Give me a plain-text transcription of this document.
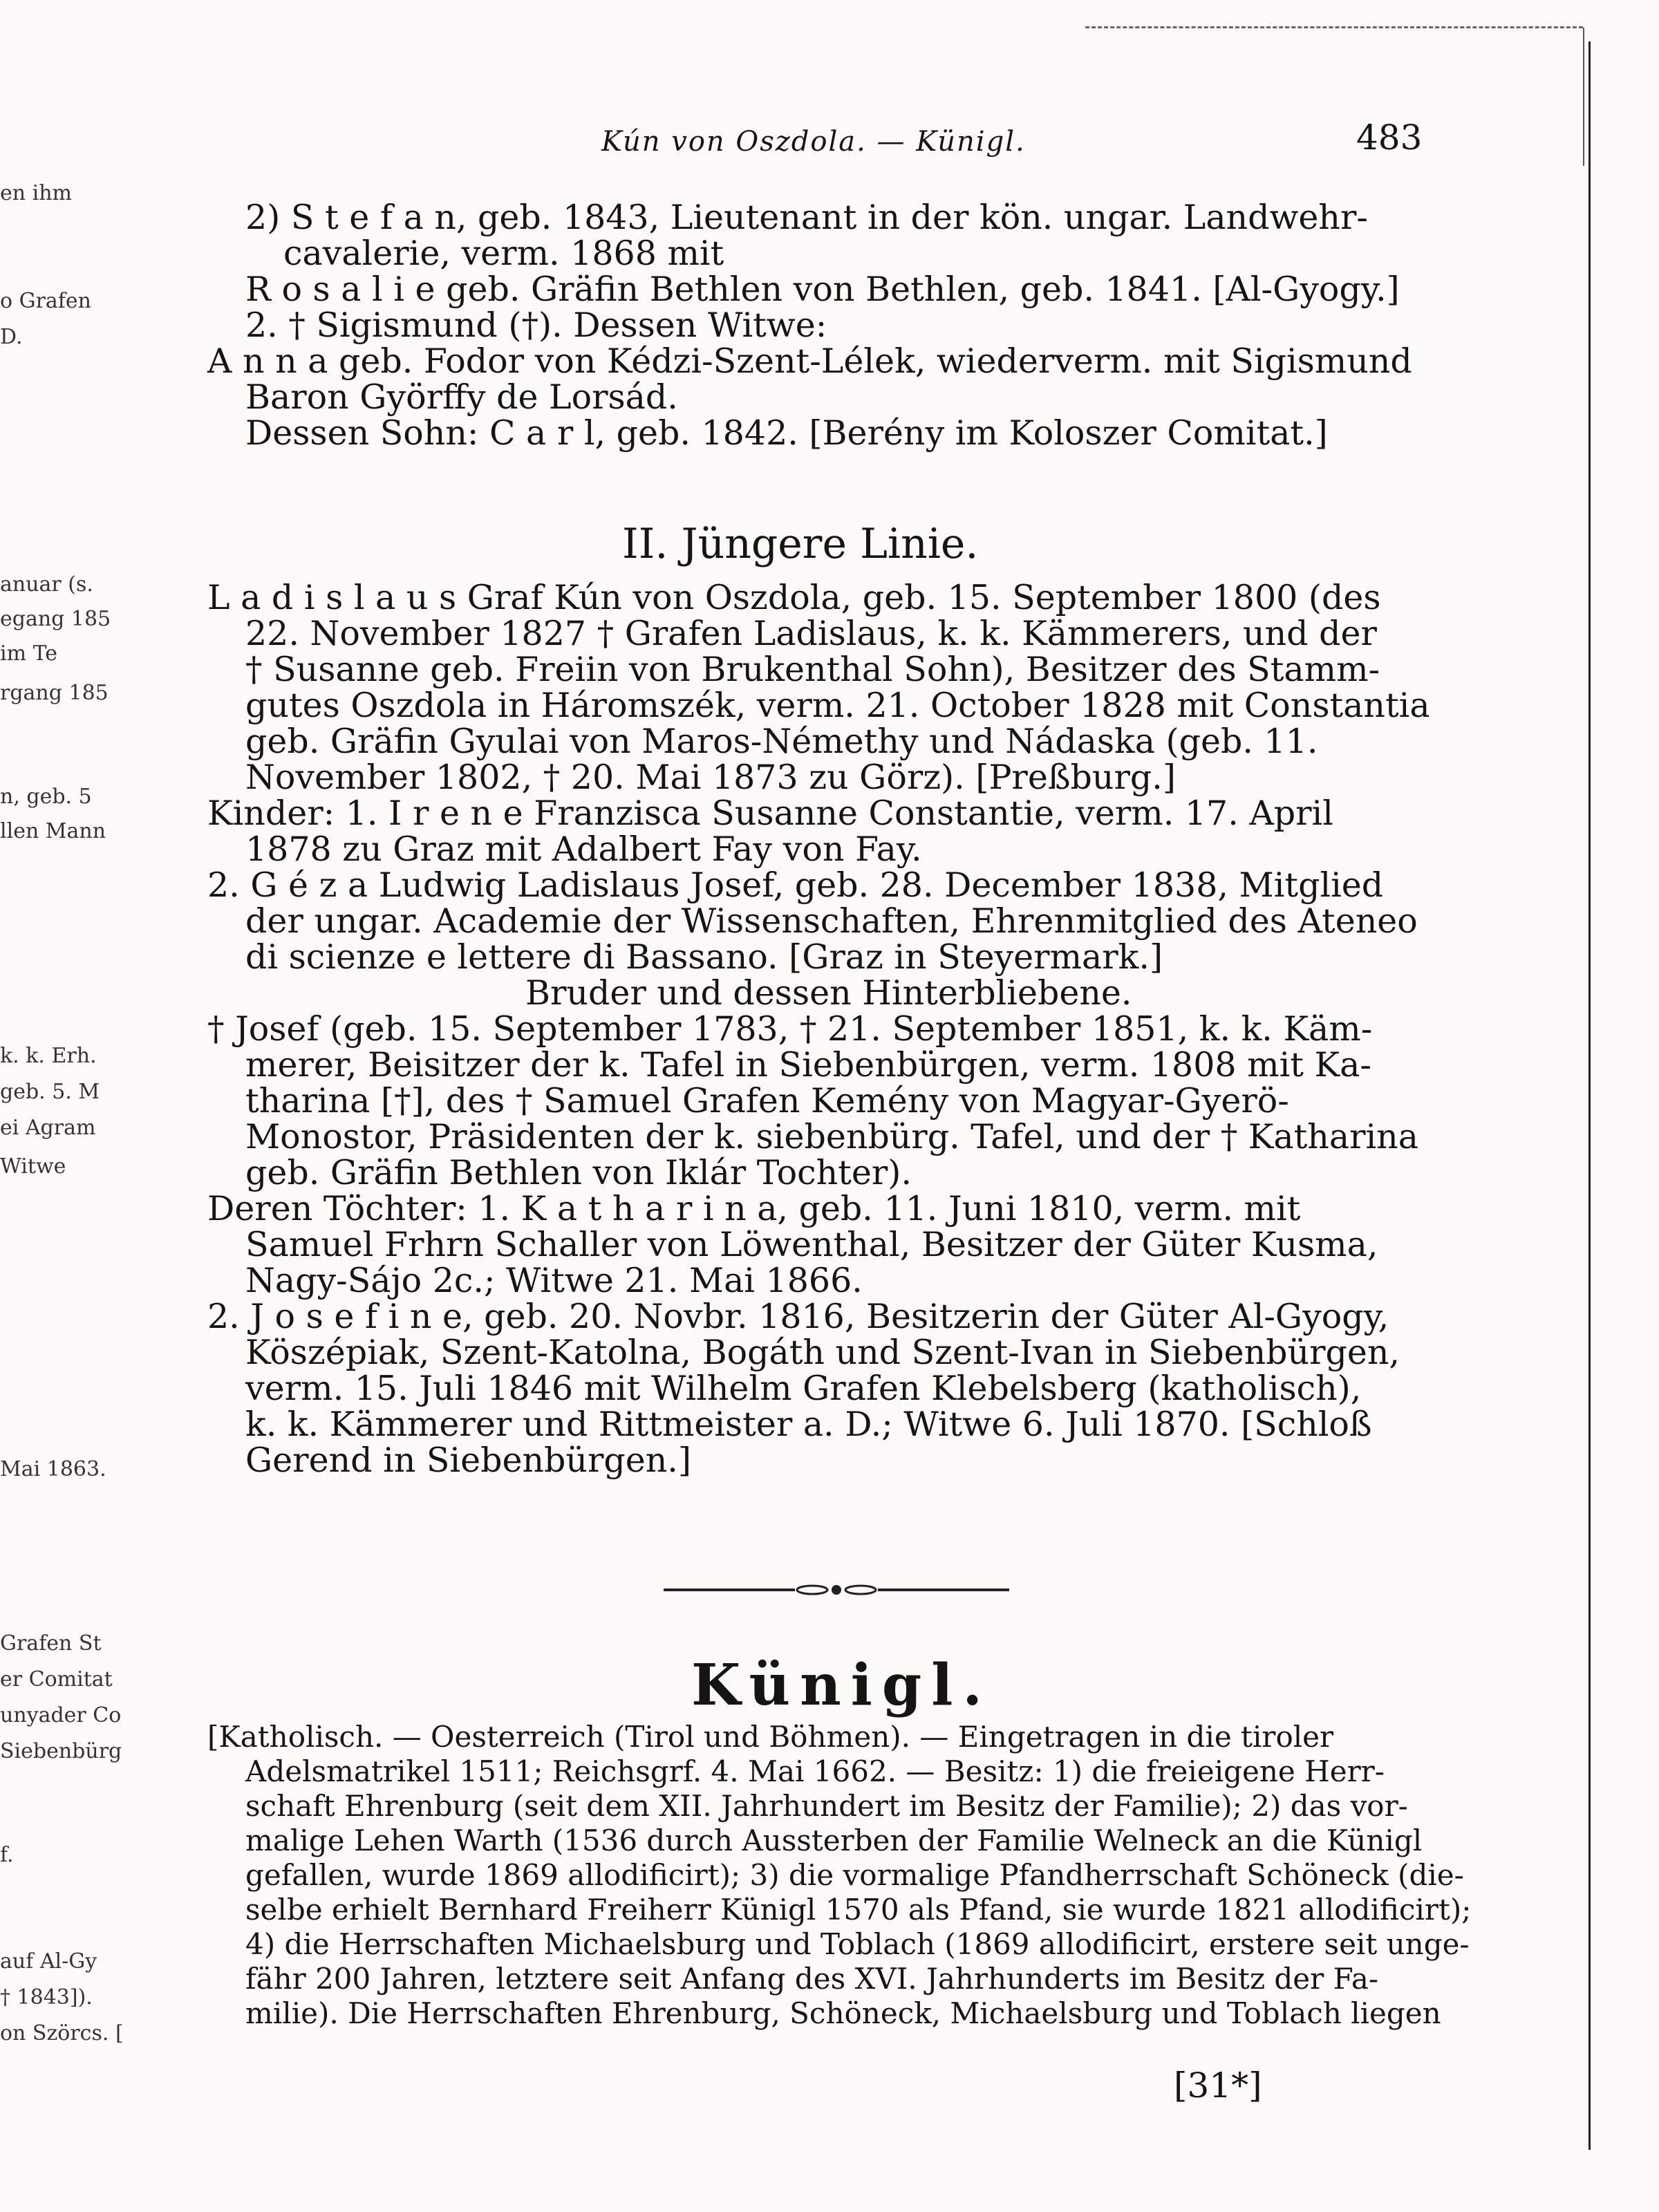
en ihm
o Grafen
D.
anuar (s.
egang 185
im Te
rgang 185
n, geb. 5
llen Mann
k. k. Erh.
geb. 5. M
ei Agram
Witwe
Mai 1863.
Grafen St
er Comitat
unyader Co
Siebenbürg
f.
auf Al-Gy
† 1843]).
on Szörcs. [
Kún von Oszdola. — Künigl.	483
2) S t e f a n, geb. 1843, Lieutenant in der kön. ungar. Landwehr-
cavalerie, verm. 1868 mit
R o s a l i e geb. Gräfin Bethlen von Bethlen, geb. 1841. [Al-Gyogy.]
2. † Sigismund (†). Dessen Witwe:
A n n a geb. Fodor von Kédzi-Szent-Lélek, wiederverm. mit Sigismund
Baron Györffy de Lorsád.
Dessen Sohn: C a r l, geb. 1842. [Berény im Koloszer Comitat.]
L a d i s l a u s Graf Kún von Oszdola, geb. 15. September 1800 (des
22. November 1827 † Grafen Ladislaus, k. k. Kämmerers, und der
† Susanne geb. Freiin von Brukenthal Sohn), Besitzer des Stamm-
gutes Oszdola in Háromszék, verm. 21. October 1828 mit Constantia
geb. Gräfin Gyulai von Maros-Némethy und Nádaska (geb. 11.
November 1802, † 20. Mai 1873 zu Görz). [Preßburg.]
Kinder: 1. I r e n e Franzisca Susanne Constantie, verm. 17. April
1878 zu Graz mit Adalbert Fay von Fay.
2. G é z a Ludwig Ladislaus Josef, geb. 28. December 1838, Mitglied
der ungar. Academie der Wissenschaften, Ehrenmitglied des Ateneo
di scienze e lettere di Bassano. [Graz in Steyermark.]
Bruder und dessen Hinterbliebene.
† Josef (geb. 15. September 1783, † 21. September 1851, k. k. Käm-
merer, Beisitzer der k. Tafel in Siebenbürgen, verm. 1808 mit Ka-
tharina [†], des † Samuel Grafen Kemény von Magyar-Gyerö-
Monostor, Präsidenten der k. siebenbürg. Tafel, und der † Katharina
geb. Gräfin Bethlen von Iklár Tochter).
Deren Töchter: 1. K a t h a r i n a, geb. 11. Juni 1810, verm. mit
Samuel Frhrn Schaller von Löwenthal, Besitzer der Güter Kusma,
Nagy-Sájo 2c.; Witwe 21. Mai 1866.
2. J o s e f i n e, geb. 20. Novbr. 1816, Besitzerin der Güter Al-Gyogy,
Köszépiak, Szent-Katolna, Bogáth und Szent-Ivan in Siebenbürgen,
verm. 15. Juli 1846 mit Wilhelm Grafen Klebelsberg (katholisch),
k. k. Kämmerer und Rittmeister a. D.; Witwe 6. Juli 1870. [Schloß
Gerend in Siebenbürgen.]
II. Jüngere Linie.
Künigl.
[Katholisch. — Oesterreich (Tirol und Böhmen). — Eingetragen in die tiroler
Adelsmatrikel 1511; Reichsgrf. 4. Mai 1662. — Besitz: 1) die freieigene Herr-
schaft Ehrenburg (seit dem XII. Jahrhundert im Besitz der Familie); 2) das vor-
malige Lehen Warth (1536 durch Aussterben der Familie Welneck an die Künigl
gefallen, wurde 1869 allodificirt); 3) die vormalige Pfandherrschaft Schöneck (die-
selbe erhielt Bernhard Freiherr Künigl 1570 als Pfand, sie wurde 1821 allodificirt);
4) die Herrschaften Michaelsburg und Toblach (1869 allodificirt, erstere seit unge-
fähr 200 Jahren, letztere seit Anfang des XVI. Jahrhunderts im Besitz der Fa-
milie). Die Herrschaften Ehrenburg, Schöneck, Michaelsburg und Toblach liegen
[31*]
